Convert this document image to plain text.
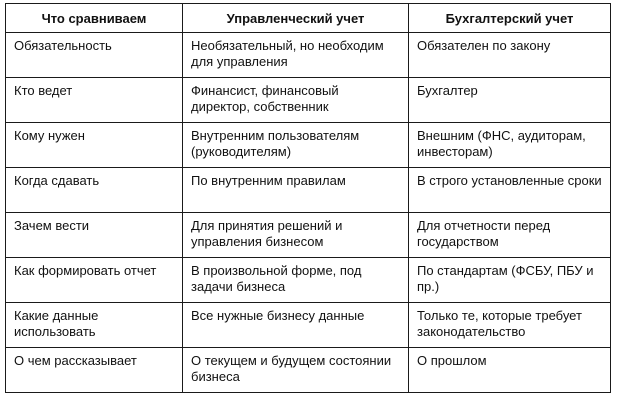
Что сравниваем	Управленческий учет	Бухгалтерский учет
Обязательность	Необязательный, но необходим для управления	Обязателен по закону
Кто ведет	Финансист, финансовый директор, собственник	Бухгалтер
Кому нужен	Внутренним пользователям (руководителям)	Внешним (ФНС, аудиторам, инвесторам)
Когда сдавать	По внутренним правилам	В строго установленные сроки
Зачем вести	Для принятия решений и управления бизнесом	Для отчетности перед государством
Как формировать отчет	В произвольной форме, под задачи бизнеса	По стандартам (ФСБУ, ПБУ и пр.)
Какие данные использовать	Все нужные бизнесу данные	Только те, которые требует законодательство
О чем рассказывает	О текущем и будущем состоянии бизнеса	О прошлом
